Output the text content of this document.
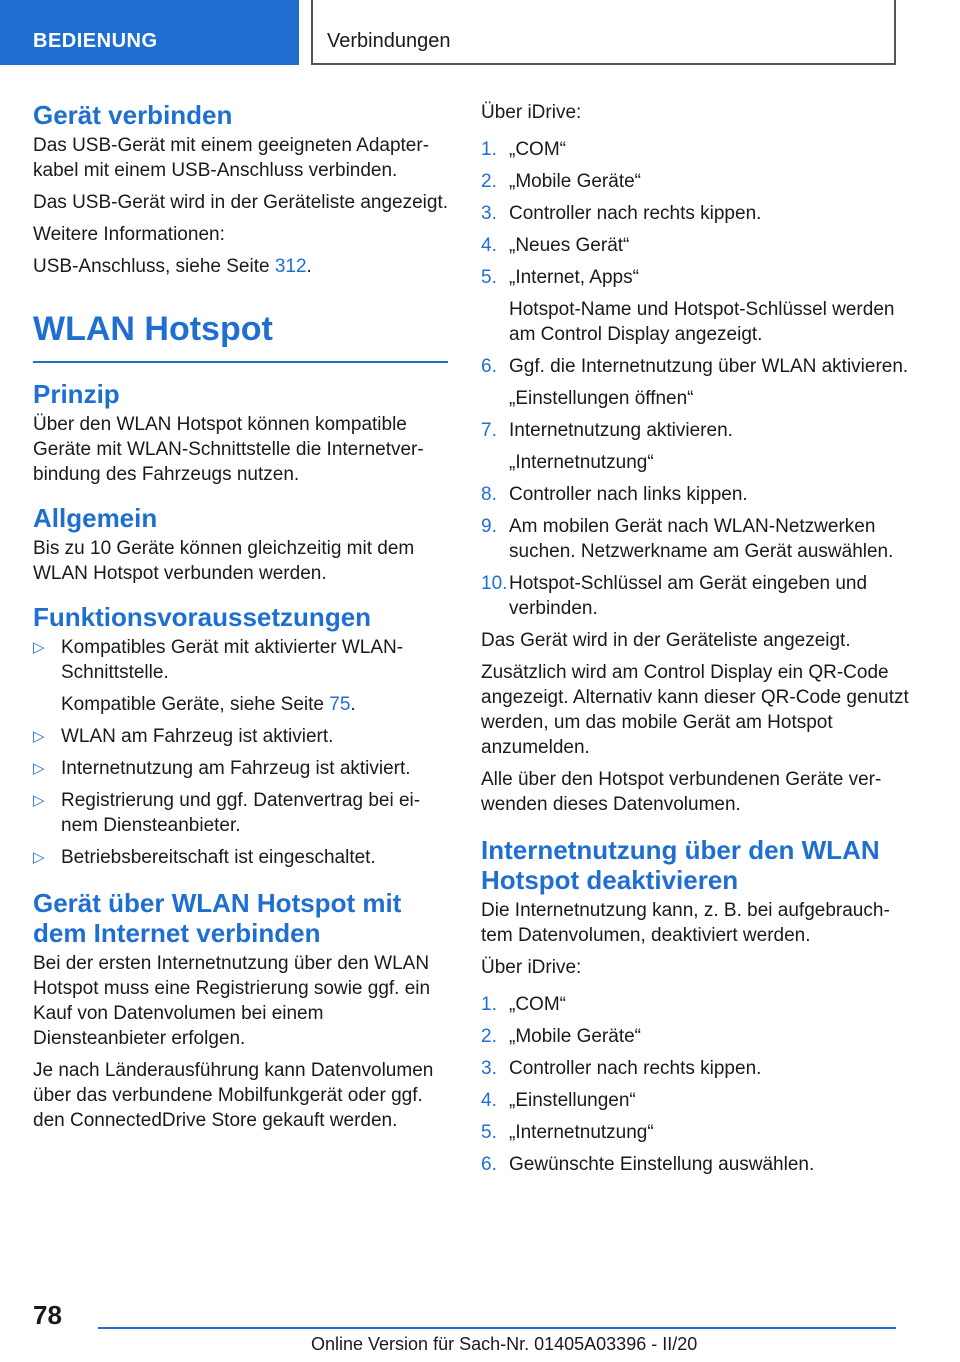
BEDIENUNG	Verbindungen
Gerät verbinden

Das USB-Gerät mit einem geeigneten Adapterkabel mit einem USB-Anschluss verbinden.

Das USB-Gerät wird in der Geräteliste angezeigt.

Weitere Informationen:

USB-Anschluss, siehe Seite 312.

WLAN Hotspot
Prinzip

Über den WLAN Hotspot können kompatible Geräte mit WLAN-Schnittstelle die Internetverbindung des Fahrzeugs nutzen.

Allgemein

Bis zu 10 Geräte können gleichzeitig mit dem WLAN Hotspot verbunden werden.

Funktionsvoraussetzungen
▷ Kompatibles Gerät mit aktivierter WLAN-Schnittstelle.

Kompatible Geräte, siehe Seite 75.

▷ WLAN am Fahrzeug ist aktiviert.
▷ Internetnutzung am Fahrzeug ist aktiviert.
▷ Registrierung und ggf. Datenvertrag bei einem Diensteanbieter.
▷ Betriebsbereitschaft ist eingeschaltet.
Gerät über WLAN Hotspot mit dem Internet verbinden

Bei der ersten Internetnutzung über den WLAN Hotspot muss eine Registrierung sowie ggf. ein Kauf von Datenvolumen bei einem Diensteanbieter erfolgen.

Je nach Länderausführung kann Datenvolumen über das verbundene Mobilfunkgerät oder ggf. den ConnectedDrive Store gekauft werden.

Über iDrive:

1. „COM“
2. „Mobile Geräte“
3. Controller nach rechts kippen.
4. „Neues Gerät“
5. „Internet, Apps“
Hotspot-Name und Hotspot-Schlüssel werden am Control Display angezeigt.
6. Ggf. die Internetnutzung über WLAN aktivieren.
„Einstellungen öffnen“
7. Internetnutzung aktivieren.
„Internetnutzung“
8. Controller nach links kippen.
9. Am mobilen Gerät nach WLAN-Netzwerken suchen. Netzwerkname am Gerät auswählen.
10. Hotspot-Schlüssel am Gerät eingeben und verbinden.

Das Gerät wird in der Geräteliste angezeigt.

Zusätzlich wird am Control Display ein QR-Code angezeigt. Alternativ kann dieser QR-Code genutzt werden, um das mobile Gerät am Hotspot anzumelden.

Alle über den Hotspot verbundenen Geräte verwenden dieses Datenvolumen.

Internetnutzung über den WLAN Hotspot deaktivieren

Die Internetnutzung kann, z. B. bei aufgebrauchtem Datenvolumen, deaktiviert werden.

Über iDrive:

1. „COM“
2. „Mobile Geräte“
3. Controller nach rechts kippen.
4. „Einstellungen“
5. „Internetnutzung“
6. Gewünschte Einstellung auswählen.
78
Online Version für Sach-Nr. 01405A03396 - II/20
